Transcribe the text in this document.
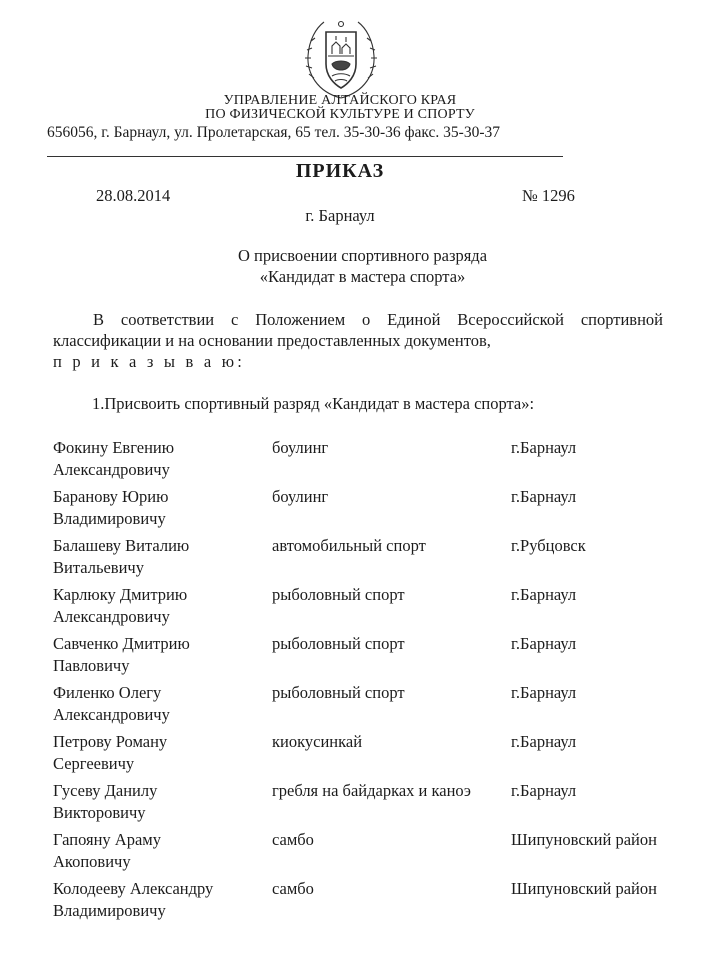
УПРАВЛЕНИЕ АЛТАЙСКОГО КРАЯ
ПО ФИЗИЧЕСКОЙ КУЛЬТУРЕ И СПОРТУ
656056, г. Барнаул, ул. Пролетарская, 65 тел. 35-30-36 факс. 35-30-37
ПРИКАЗ
28.08.2014	№ 1296
г. Барнаул
О присвоении спортивного разряда
«Кандидат в мастера спорта»
В соответствии с Положением о Единой Всероссийской спортивной
классификации и на основании предоставленных документов,
п р и к а з ы в а ю:
1.Присвоить спортивный разряд «Кандидат в мастера спорта»:
Фокину Евгению
Александровичу
боулинг	г.Барнаул
Баранову Юрию
Владимировичу
боулинг	г.Барнаул
Балашеву Виталию
Витальевичу
автомобильный спорт	г.Рубцовск
Карлюку Дмитрию
Александровичу
рыболовный спорт	г.Барнаул
Савченко Дмитрию
Павловичу
рыболовный спорт	г.Барнаул
Филенко Олегу
Александровичу
рыболовный спорт	г.Барнаул
Петрову Роману
Сергеевичу
киокусинкай	г.Барнаул
Гусеву Данилу
Викторовичу
гребля на байдарках и каноэ г.Барнаул
Гапояну Араму
Акоповичу
самбо	Шипуновский район
Колодееву Александру
Владимировичу
самбо	Шипуновский район
